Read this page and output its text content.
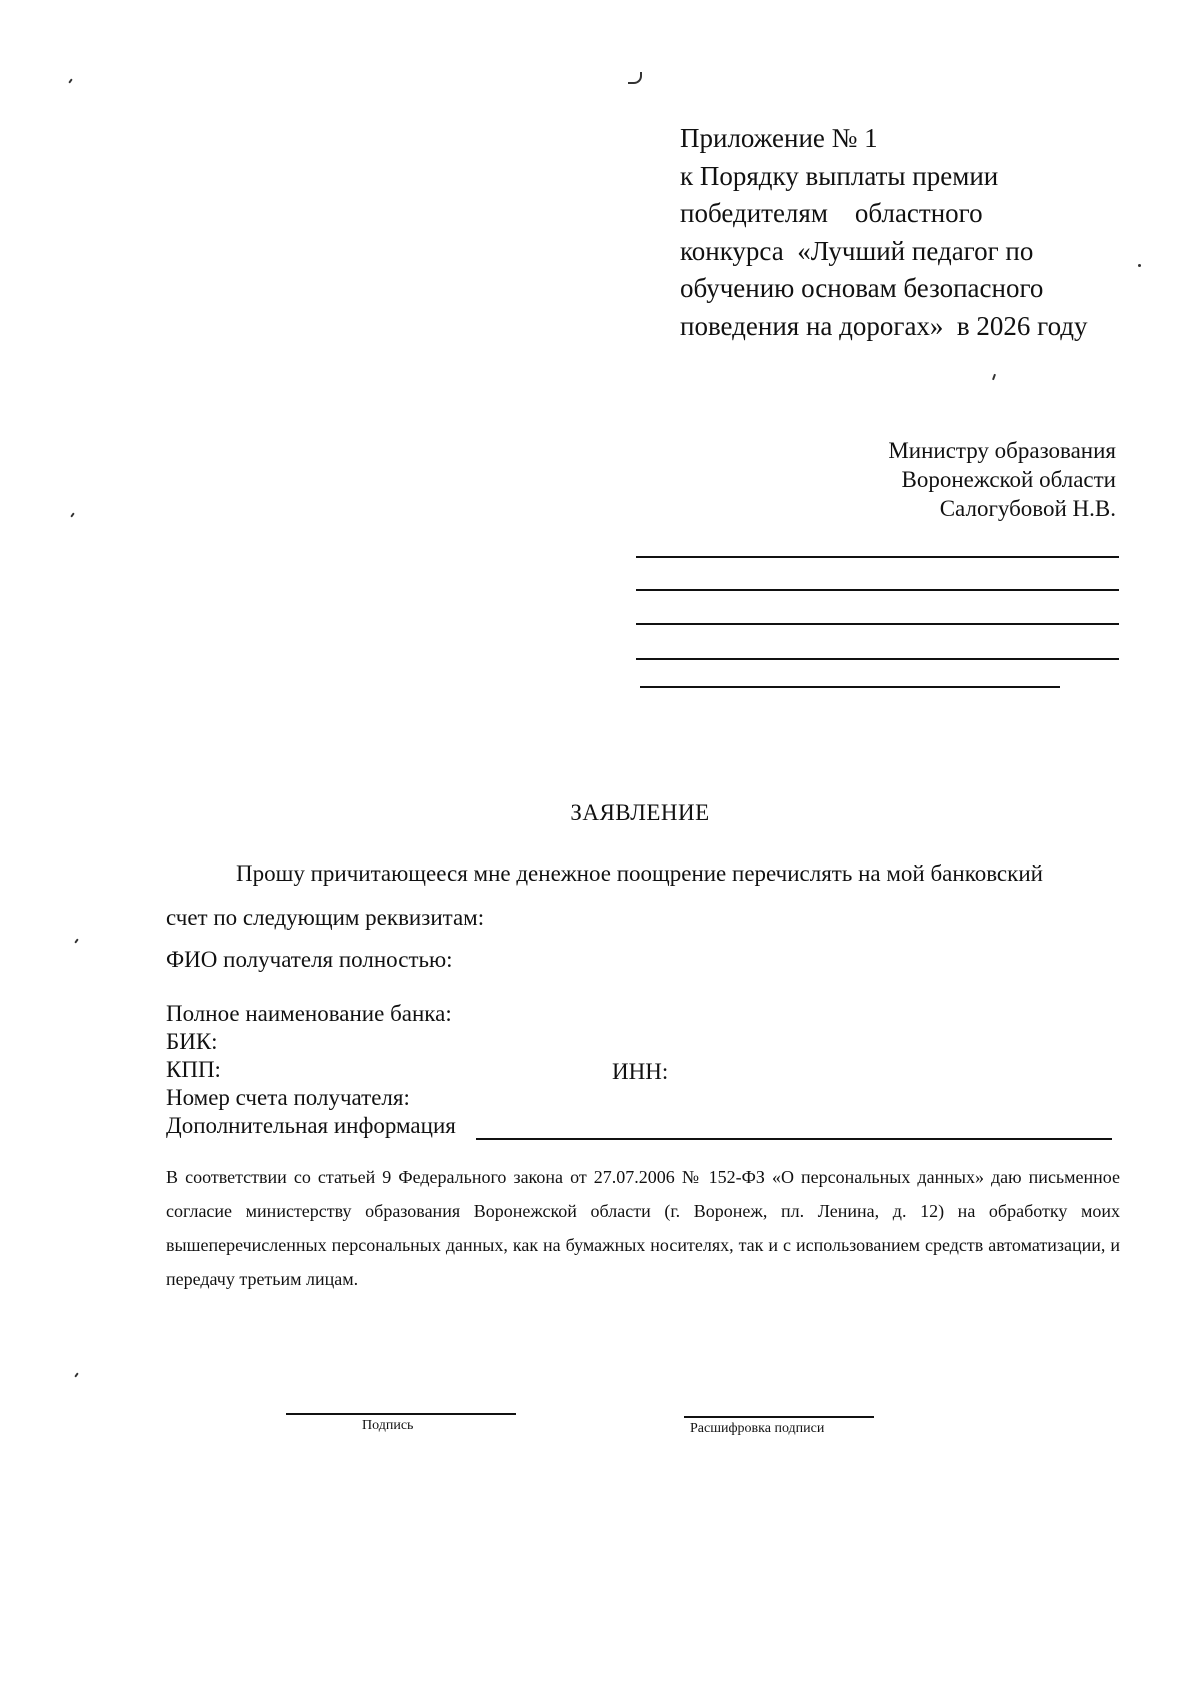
Приложение № 1
к Порядку выплаты премии
победителям    областного
конкурса  «Лучший педагог по
обучению основам безопасного
поведения на дорогах»  в 2026 году
Министру образования
Воронежской области
Салогубовой Н.В.
ЗАЯВЛЕНИЕ
Прошу причитающееся мне денежное поощрение перечислять на мой банковский
счет по следующим реквизитам:
ФИО получателя полностью:
Полное наименование банка:
БИК:
КПП:	ИНН:
Номер счета получателя:
Дополнительная информация
В соответствии со статьей 9 Федерального закона от 27.07.2006 № 152-ФЗ «О персональных данных» даю письменное согласие министерству образования Воронежской области (г. Воронеж, пл. Ленина, д. 12) на обработку моих вышеперечисленных персональных данных, как на бумажных носителях, так и с использованием средств автоматизации, и передачу третьим лицам.
Подпись	Расшифровка подписи
